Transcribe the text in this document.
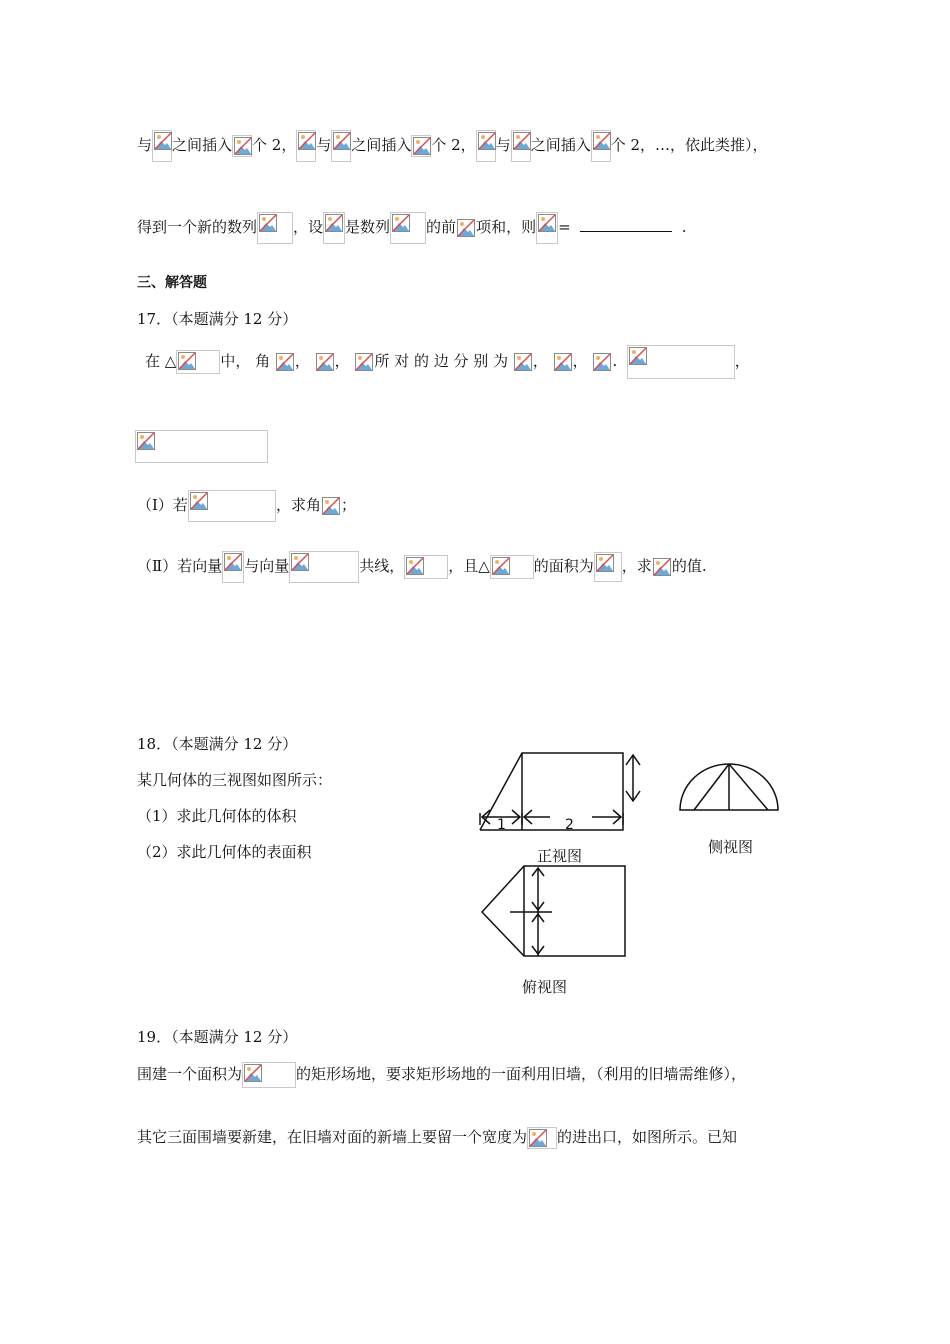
与 之间插入 个 2， 与 之间插入 个 2， 与 之间插入 个 2，…，依此类推），
得到一个新的数列 ，设 是数列 的前 项和，则 =	.
三、解答题
17．（本题满分 12 分）
在 △	中， 角 ， ， 所 对 的 边 分 别 为 ， ， .	，
（Ⅰ）若	，求角 ；
（Ⅱ）若向量 与向量	共线，	，且△	的面积为 ，求 的值.
18．（本题满分 12 分）
某几何体的三视图如图所示：
（1）求此几何体的体积
（2）求此几何体的表面积
1	2
正视图	侧视图
俯视图
19．（本题满分 12 分）
围建一个面积为	的矩形场地，要求矩形场地的一面利用旧墙，（利用的旧墙需维修），
其它三面围墙要新建，在旧墙对面的新墙上要留一个宽度为 的进出口，如图所示。已知
